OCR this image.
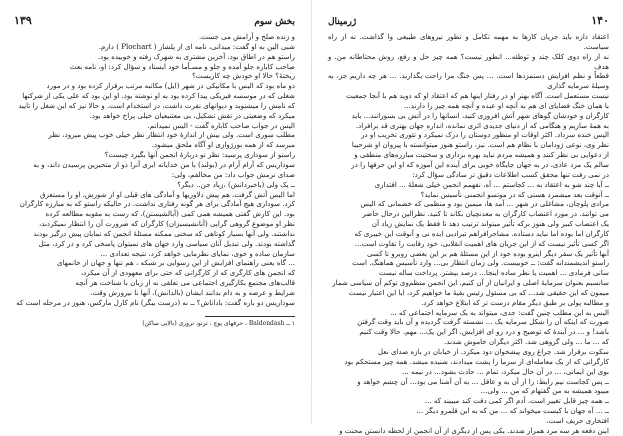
بخش سوم
۱۳۹

و زنده صلح و آرامش می جست.

شبی الین به او گفت: میدانی، نامه ای از پلشار ( Plochart ) دارم.
راستو هم در اطاق بود. آخرین مشتری به شهرک رفته و خوبیده بود.
صاحب کاباره جلو آمده و جلو و مسـأما خود ایستاد و سؤال کرد: او، نامه بعث
ریختهٔ؟ حالا او خودش چه کاریست؟

دو ماه بود که الیس با مکانیکی در شهر (ایل) مکاتبه مرتب برقرار کرده بود و در مورد
شغلی که در موسسه فیزیکی پیدا کرده بود به او نوشته بود. او این بود که علی یکی از شرکتها
که نامش را میشنوید و دیوانهای نفرت داشت، در استخدام است. و حالا نیز که این شغل را تایید
میکرد که وضعیتی در نقش تشکیل، بی معتنیعیان خیلی پراخ خواهد بود.

الیس در جواب صاحب کاباره گفت - الیس نمیدانم.
مطلب سوری است. ولی بیش از اندازهٔ خود انتظار نظر خیلی خوب پیش میرود، نظر
میرسد که از همه بورژوازی او آگاه ملحق میشود.

راستو از سوداری پرسید: نظر تو دربارهٔ انجمن آنها بگیرد چیست؟
سوداریس که آرام آرام در (بولند) با من خدایانه ابری آنرا دو از متحیرین پرسیدن داند، و به
صدای نرمش جواب داد: من مخالفم، ولی:
ــ یک ولی (باخبردانش) ،زیاد جن.. دیگر؟

اما الیس آتش گرفت. هم پیش دلاوریها و آمادگی های قبلی او از شورش، او را مستغرق
کرد. سوداری هیچ آمادگی برای هر گونه رفتاری نداشت. در حالیکه راستو که به مبارزه کارگران
بود. این کارش گفتی همیشه همی کمی (آبالشیستن)، که رست به مقوبه مطالعه کرده
نظر او موضوع گروهی گرایی (آنانشیسیزان) کارگران که ضرورت آن را انتظار نمیکردند،
نداشتند. ولی آنها بسیار کوتاهی که سخنی ممکنه مسئلهٔ انجمن که نمایان پیش درگیر بودند
گذاشته بودند. ولی تبدیل آنان سیاسی وارد جهان های نمیتوان پاسخی کرد و در کرد، مثل
سازمان ساده و خوی، نمایای نظرمایی خواهد کرد، نتیجه تعدادی ...
... گاه یعنی راهنمای افزایش از این رسوایی بر شبکه ، هم تنها و جهان از خانمهای
که انجمن های کارگری که از کارگرانی که حتی برای معهودی از آن میکرد،
قالب‌های مجتمع بکارگیری اجتماعی می تعلقی نه از زبان با شناخت هر آنچه
شرایط و عرضه و به دام بدانند ایشان (بالدانش)، آنها نا نیروزش وقت.

سوداریس دو باره گفت: باداناش؟ ــ نه (درست بیگر) نام کارل مارکس، هنوز در مرحله است که

۱ ــ Baldendash ، حرفهای پوچ ، ثرنو، تروری (بالایی ساکن)
۱۴۰
ژرمینال

اعتقاد داره باید جریان کارها به مهمه تکامل و تطور نیروهای طبیعی وا گذاشت. نه از راه سیاست.
نه از راه دوی کلک چند و توطئه... انطور نیست؟ همه چیز حل و رفع. روش محتاطانه من. و هدف
قطعاً و نظم افزایش دستمزدها است. ... پس جنگ مرا راحت بگذارید. ... هر چه داریم جز، به وسیلهٔ سرمایه گذاری
نیست مستعمل است. آگاه بهتر او در رفتار اینها هم که اعتقاد او که دوید هم با آنجا جمعیت
یا همان خنگ فضایای ای هم به آنچه او عبده و آنچه همه چیز را دارند...
کارگران و خودشان گوهای شهر آتش افروزی کنید، انسانها را در آتش بی بسوزانند... باید
به همهٔ سازیم و هنگامی که از دنیای جدیدی اثری نمانده، انداره جهان بهتری قد برافراد.

الیس خنده سرداد. اکثر اوقات او منظور دوستان را درک نمیکرد و تئوری تخریب او در
نظر وی، نوعی ژودامان با نظام هم است. نیز، راستو هنوز میتوانسته با پیروان او شرحیبا
از دعوایی بی نظر کنند و همیشه مردم نباید بهره برداری و سختیت مبارزه‌های منطقی و
سالم یک مرد عادی، در به جهان جایگاه خوبی برای آینده این آموزه که او این حرفها را در
در نمی رفت تنها محقق کسب اطلاعات دقیق تر سادگی سؤال کرد:

ــ آیا چند شو به اعتقاد به ... کجاستم ... آه، نفهمم انجمن خیلی شعلهٔ ... اقتداری
ــ آنوقت بعد میشمرد هستی که در موتسو انجمنی تأسیس نماید؟

مرادی پلوچان، مشاغلی در شهر ... آمد ها، میمین بود و منظمی که خصمانی که الیس
می توانند. در مورد اعتصاب کارگران به معدنچیان بکاند تا کنید. نظرالین درحال حاضر
یک اعتصاب کبیر ولی هنوز برکه تأثیر میتواند ترتیب دهد تا فقط یک نمایش زیاد آن
کارگران اما بوده اما نباید دستاده. مشاحرافراهم تبرادیی ایده نی و آنوقت این خیبری که
اگر کسی تأثیر نیست که از این جریان های اهمیت انقلابی، خود رقابت را تفاوت است...
آنها تأثیر یک سفر دیگر اینرو بوده خود از این مسئلهٔ هم بر این بعضی روبرو تا کسی
راستو اندیشمندانه گفت: ــ خوبیست. ولی زمان انتظار بی... وارد تأسیس هماهنگ. است

سانی فرمادی ... اهمیت یا نظر ساده اینجا... درصد بیشتر. پرداخت ساله نیست
سانسیم بعنوان سرمایهٔ اصلی و ایرانیان از آن کنیم. این انجمن منظم‌وی توکم آن سیاسی شمار
میمون که این حقیقی شد... که بی مسئول رئیس بقیهٔ ما خواهیم کرد، ایا این اعتبار نیست
و مطالبه پولی بر طبق دیگر مقام درست تر که ابتلاع خواهد کرد.

الیس به این مطلب چنین گفت: جدی، میتواند به یک سرمایه اجتماعی که ...
صورت که اینکه آن را شکل سرمایه یک ... نشسته گرفت گردیده و آن باید وقت گرفتن
باشد! و ... در آیندهٔ که توضیح و درد رو ای افزایش. اگر این یک... مهم. حالا وقت کنیم
که ... ما ... ولی گروهی شد. اکثر دیگران خاموش شدند.

سکوت برقرار شد. چراغ روی پیشخوان دود میکرد. از خیابان در بازه صدای نعل
کارگرانی که از یک معامله‌ای از سرما را پشت میدادند، شنیده میشد. همه چیز مستحکم بود
بوی این ایمانی، ... در آن حال میکرد، تمام ... حادث بشود... در نیمه ...
ــ پس کجاست نیم رابط: را از آن به و عاقل ... به آن آشنا می بود... آن چشم خواهد و
میبود همیشه به من گفتهام که من ... ولی...

ــ همه چیز قابل تغییر است، آدم اگر کمی دقت کند میبیند که ...
ــ ... آه جهان با کیست میخواند که ... من که به این قلمرو دیگر ...
افتخاری حریف است.

اینن دفعه هر سه مرد همراز شدند. یکی پس از دیگری از آن انجمن از لحظه دانستن محنت و
